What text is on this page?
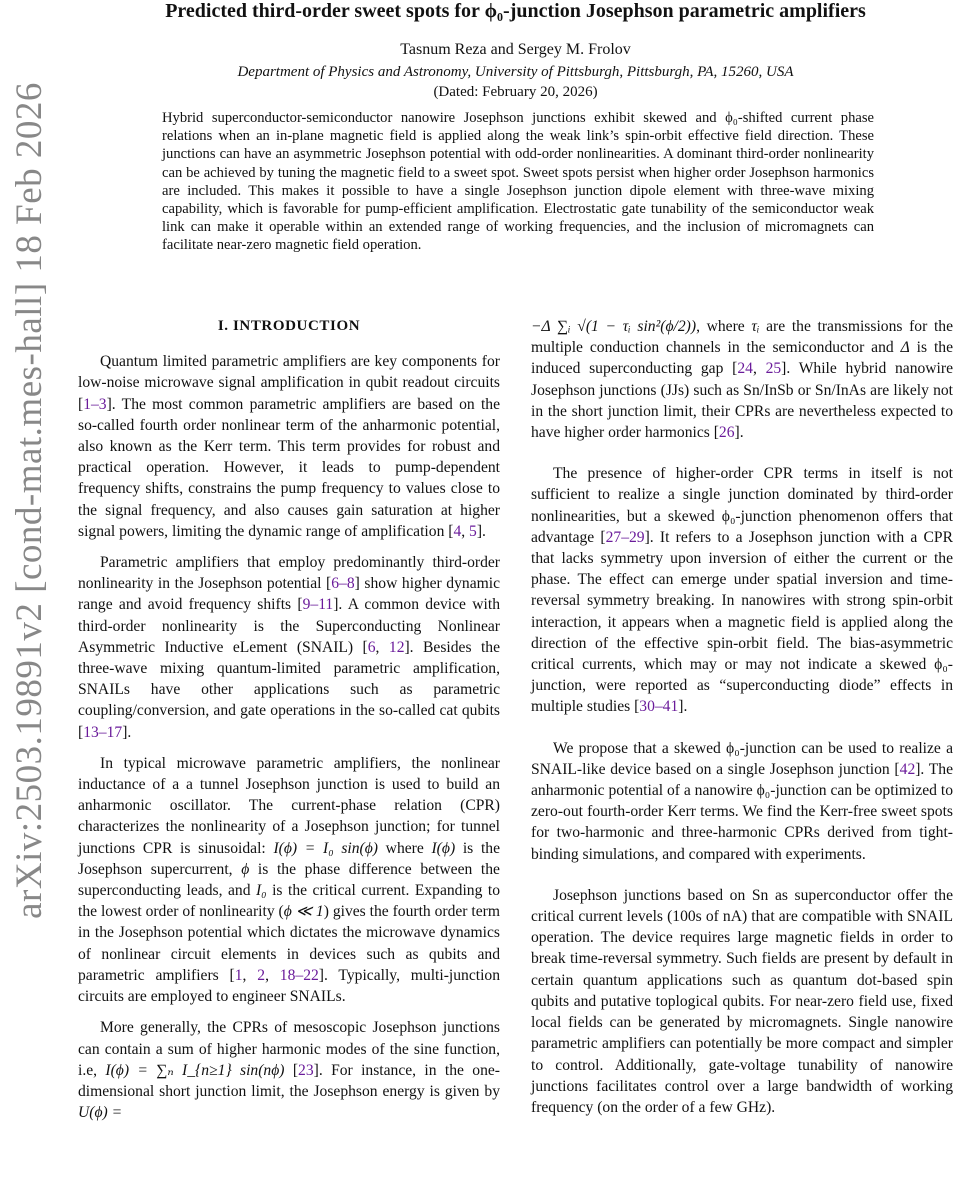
arXiv:2503.19891v2 [cond-mat.mes-hall] 18 Feb 2026
Predicted third-order sweet spots for ϕ₀-junction Josephson parametric amplifiers
Tasnum Reza and Sergey M. Frolov
Department of Physics and Astronomy, University of Pittsburgh, Pittsburgh, PA, 15260, USA
(Dated: February 20, 2026)
Hybrid superconductor-semiconductor nanowire Josephson junctions exhibit skewed and ϕ₀-shifted current phase relations when an in-plane magnetic field is applied along the weak link’s spin-orbit effective field direction. These junctions can have an asymmetric Josephson potential with odd-order nonlinearities. A dominant third-order nonlinearity can be achieved by tuning the magnetic field to a sweet spot. Sweet spots persist when higher order Josephson harmonics are included. This makes it possible to have a single Josephson junction dipole element with three-wave mixing capability, which is favorable for pump-efficient amplification. Electrostatic gate tunability of the semiconductor weak link can make it operable within an extended range of working frequencies, and the inclusion of micromagnets can facilitate near-zero magnetic field operation.
I. INTRODUCTION

Quantum limited parametric amplifiers are key components for low-noise microwave signal amplification in qubit readout circuits [1–3]. The most common parametric amplifiers are based on the so-called fourth order nonlinear term of the anharmonic potential, also known as the Kerr term. This term provides for robust and practical operation. However, it leads to pump-dependent frequency shifts, constrains the pump frequency to values close to the signal frequency, and also causes gain saturation at higher signal powers, limiting the dynamic range of amplification [4, 5].

Parametric amplifiers that employ predominantly third-order nonlinearity in the Josephson potential [6–8] show higher dynamic range and avoid frequency shifts [9–11]. A common device with third-order nonlinearity is the Superconducting Nonlinear Asymmetric Inductive eLement (SNAIL) [6, 12]. Besides the three-wave mixing quantum-limited parametric amplification, SNAILs have other applications such as parametric coupling/conversion, and gate operations in the so-called cat qubits [13–17].

In typical microwave parametric amplifiers, the nonlinear inductance of a a tunnel Josephson junction is used to build an anharmonic oscillator. The current-phase relation (CPR) characterizes the nonlinearity of a Josephson junction; for tunnel junctions CPR is sinusoidal: I(ϕ) = I₀ sin(ϕ) where I(ϕ) is the Josephson supercurrent, ϕ is the phase difference between the superconducting leads, and I₀ is the critical current. Expanding to the lowest order of nonlinearity (ϕ ≪ 1) gives the fourth order term in the Josephson potential which dictates the microwave dynamics of nonlinear circuit elements in devices such as qubits and parametric amplifiers [1, 2, 18–22]. Typically, multi-junction circuits are employed to engineer SNAILs.

More generally, the CPRs of mesoscopic Josephson junctions can contain a sum of higher harmonic modes of the sine function, i.e, I(ϕ) = ∑ₙ I_{n≥1} sin(nϕ) [23]. For instance, in the one-dimensional short junction limit, the Josephson energy is given by U(ϕ) =

−Δ ∑ᵢ √(1 − τᵢ sin²(ϕ/2)), where τᵢ are the transmissions for the multiple conduction channels in the semiconductor and Δ is the induced superconducting gap [24, 25]. While hybrid nanowire Josephson junctions (JJs) such as Sn/InSb or Sn/InAs are likely not in the short junction limit, their CPRs are nevertheless expected to have higher order harmonics [26].

The presence of higher-order CPR terms in itself is not sufficient to realize a single junction dominated by third-order nonlinearities, but a skewed ϕ₀-junction phenomenon offers that advantage [27–29]. It refers to a Josephson junction with a CPR that lacks symmetry upon inversion of either the current or the phase. The effect can emerge under spatial inversion and time-reversal symmetry breaking. In nanowires with strong spin-orbit interaction, it appears when a magnetic field is applied along the direction of the effective spin-orbit field. The bias-asymmetric critical currents, which may or may not indicate a skewed ϕ₀-junction, were reported as “superconducting diode” effects in multiple studies [30–41].

We propose that a skewed ϕ₀-junction can be used to realize a SNAIL-like device based on a single Josephson junction [42]. The anharmonic potential of a nanowire ϕ₀-junction can be optimized to zero-out fourth-order Kerr terms. We find the Kerr-free sweet spots for two-harmonic and three-harmonic CPRs derived from tight-binding simulations, and compared with experiments.

Josephson junctions based on Sn as superconductor offer the critical current levels (100s of nA) that are compatible with SNAIL operation. The device requires large magnetic fields in order to break time-reversal symmetry. Such fields are present by default in certain quantum applications such as quantum dot-based spin qubits and putative toplogical qubits. For near-zero field use, fixed local fields can be generated by micromagnets. Single nanowire parametric amplifiers can potentially be more compact and simpler to control. Additionally, gate-voltage tunability of nanowire junctions facilitates control over a large bandwidth of working frequency (on the order of a few GHz).
